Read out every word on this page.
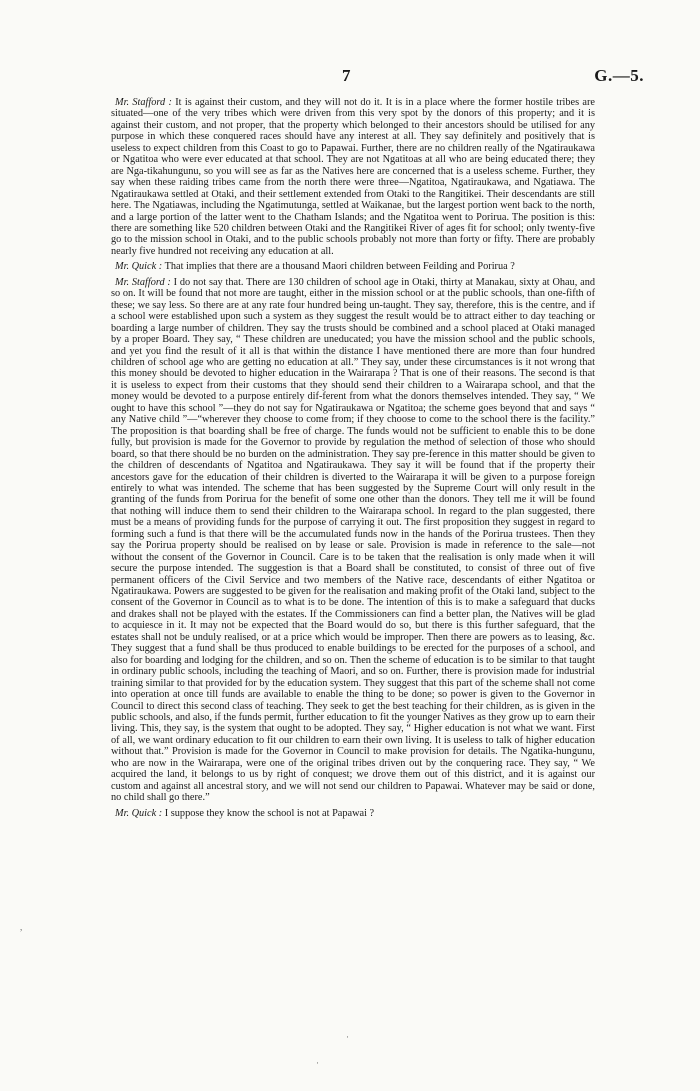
7	G.—5.

Mr. Stafford : It is against their custom, and they will not do it. It is in a place where the former hostile tribes are situated—one of the very tribes which were driven from this very spot by the donors of this property; and it is against their custom, and not proper, that the property which belonged to their ancestors should be utilised for any purpose in which these conquered races should have any interest at all. They say definitely and positively that is useless to expect children from this Coast to go to Papawai. Further, there are no children really of the Ngatiraukawa or Ngatitoa who were ever educated at that school. They are not Ngatitoas at all who are being educated there; they are Nga-tikahungunu, so you will see as far as the Natives here are concerned that is a useless scheme. Further, they say when these raiding tribes came from the north there were three—Ngatitoa, Ngatiraukawa, and Ngatiawa. The Ngatiraukawa settled at Otaki, and their settlement extended from Otaki to the Rangitikei. Their descendants are still here. The Ngatiawas, including the Ngatimutunga, settled at Waikanae, but the largest portion went back to the north, and a large portion of the latter went to the Chatham Islands; and the Ngatitoa went to Porirua. The position is this: there are something like 520 children between Otaki and the Rangitikei River of ages fit for school; only twenty-five go to the mission school in Otaki, and to the public schools probably not more than forty or fifty. There are probably nearly five hundred not receiving any education at all.

Mr. Quick : That implies that there are a thousand Maori children between Feilding and Porirua ?

Mr. Stafford : I do not say that. There are 130 children of school age in Otaki, thirty at Manakau, sixty at Ohau, and so on. It will be found that not more are taught, either in the mission school or at the public schools, than one-fifth of these; we say less. So there are at any rate four hundred being un-taught. They say, therefore, this is the centre, and if a school were established upon such a system as they suggest the result would be to attract either to day teaching or boarding a large number of children. They say the trusts should be combined and a school placed at Otaki managed by a proper Board. They say, “ These children are uneducated; you have the mission school and the public schools, and yet you find the result of it all is that within the distance I have mentioned there are more than four hundred children of school age who are getting no education at all.” They say, under these circumstances is it not wrong that this money should be devoted to higher education in the Wairarapa ? That is one of their reasons. The second is that it is useless to expect from their customs that they should send their children to a Wairarapa school, and that the money would be devoted to a purpose entirely dif-ferent from what the donors themselves intended. They say, “ We ought to have this school ”—they do not say for Ngatiraukawa or Ngatitoa; the scheme goes beyond that and says “ any Native child ”—“wherever they choose to come from; if they choose to come to the school there is the facility.” The proposition is that boarding shall be free of charge. The funds would not be sufficient to enable this to be done fully, but provision is made for the Governor to provide by regulation the method of selection of those who should board, so that there should be no burden on the administration. They say pre-ference in this matter should be given to the children of descendants of Ngatitoa and Ngatiraukawa. They say it will be found that if the property their ancestors gave for the education of their children is diverted to the Wairarapa it will be given to a purpose foreign entirely to what was intended. The scheme that has been suggested by the Supreme Court will only result in the granting of the funds from Porirua for the benefit of some one other than the donors. They tell me it will be found that nothing will induce them to send their children to the Wairarapa school. In regard to the plan suggested, there must be a means of providing funds for the purpose of carrying it out. The first proposition they suggest in regard to forming such a fund is that there will be the accumulated funds now in the hands of the Porirua trustees. Then they say the Porirua property should be realised on by lease or sale. Provision is made in reference to the sale—not without the consent of the Governor in Council. Care is to be taken that the realisation is only made when it will secure the purpose intended. The suggestion is that a Board shall be constituted, to consist of three out of five permanent officers of the Civil Service and two members of the Native race, descendants of either Ngatitoa or Ngatiraukawa. Powers are suggested to be given for the realisation and making profit of the Otaki land, subject to the consent of the Governor in Council as to what is to be done. The intention of this is to make a safeguard that ducks and drakes shall not be played with the estates. If the Commissioners can find a better plan, the Natives will be glad to acquiesce in it. It may not be expected that the Board would do so, but there is this further safeguard, that the estates shall not be unduly realised, or at a price which would be improper. Then there are powers as to leasing, &c. They suggest that a fund shall be thus produced to enable buildings to be erected for the purposes of a school, and also for boarding and lodging for the children, and so on. Then the scheme of education is to be similar to that taught in ordinary public schools, including the teaching of Maori, and so on. Further, there is provision made for industrial training similar to that provided for by the education system. They suggest that this part of the scheme shall not come into operation at once till funds are available to enable the thing to be done; so power is given to the Governor in Council to direct this second class of teaching. They seek to get the best teaching for their children, as is given in the public schools, and also, if the funds permit, further education to fit the younger Natives as they grow up to earn their living. This, they say, is the system that ought to be adopted. They say, “ Higher education is not what we want. First of all, we want ordinary education to fit our children to earn their own living. It is useless to talk of higher education without that.” Provision is made for the Governor in Council to make provision for details. The Ngatika-hungunu, who are now in the Wairarapa, were one of the original tribes driven out by the conquering race. They say, “ We acquired the land, it belongs to us by right of conquest; we drove them out of this district, and it is against our custom and against all ancestral story, and we will not send our children to Papawai. Whatever may be said or done, no child shall go there.”

Mr. Quick : I suppose they know the school is not at Papawai ?

,
·
·
